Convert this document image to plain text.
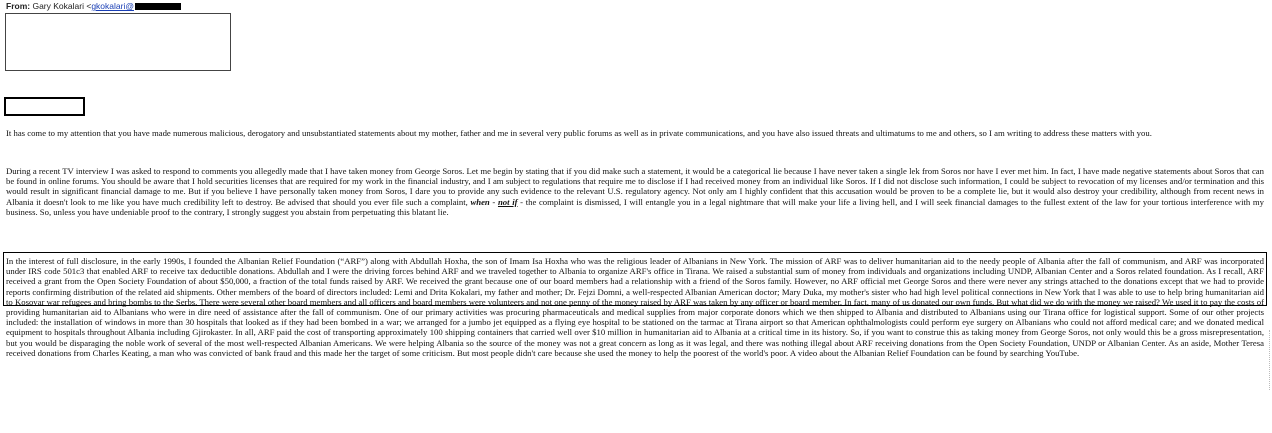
From: Gary Kokalari <gkokalari@

It has come to my attention that you have made numerous malicious, derogatory and unsubstantiated statements about my mother, father and me in several very public forums as well as in private communications, and you have also issued threats and ultimatums to me and others, so I am writing to address these matters with you.

During a recent TV interview I was asked to respond to comments you allegedly made that I have taken money from George Soros. Let me begin by stating that if you did make such a statement, it would be a categorical lie because I have never taken a single lek from Soros nor have I ever met him. In fact, I have made negative statements about Soros that can be found in online forums. You should be aware that I hold securities licenses that are required for my work in the financial industry, and I am subject to regulations that require me to disclose if I had received money from an individual like Soros. If I did not disclose such information, I could be subject to revocation of my licenses and/or termination and this would result in significant financial damage to me. But if you believe I have personally taken money from Soros, I dare you to provide any such evidence to the relevant U.S. regulatory agency. Not only am I highly confident that this accusation would be proven to be a complete lie, but it would also destroy your credibility, although from recent news in Albania it doesn't look to me like you have much credibility left to destroy. Be advised that should you ever file such a complaint, when - not if - the complaint is dismissed, I will entangle you in a legal nightmare that will make your life a living hell, and I will seek financial damages to the fullest extent of the law for your tortious interference with my business. So, unless you have undeniable proof to the contrary, I strongly suggest you abstain from perpetuating this blatant lie.

In the interest of full disclosure, in the early 1990s, I founded the Albanian Relief Foundation (“ARF”) along with Abdullah Hoxha, the son of Imam Isa Hoxha who was the religious leader of Albanians in New York. The mission of ARF was to deliver humanitarian aid to the needy people of Albania after the fall of communism, and ARF was incorporated under IRS code 501c3 that enabled ARF to receive tax deductible donations. Abdullah and I were the driving forces behind ARF and we traveled together to Albania to organize ARF's office in Tirana. We raised a substantial sum of money from individuals and organizations including UNDP, Albanian Center and a Soros related foundation. As I recall, ARF received a grant from the Open Society Foundation of about $50,000, a fraction of the total funds raised by ARF. We received the grant because one of our board members had a relationship with a friend of the Soros family. However, no ARF official met George Soros and there were never any strings attached to the donations except that we had to provide reports confirming distribution of the related aid shipments. Other members of the board of directors included: Lemi and Drita Kokalari, my father and mother; Dr. Fejzi Domni, a well-respected Albanian American doctor; Mary Duka, my mother's sister who had high level political connections in New York that I was able to use to help bring humanitarian aid to Kosovar war refugees and bring bombs to the Serbs. There were several other board members and all officers and board members were volunteers and not one penny of the money raised by ARF was taken by any officer or board member. In fact, many of us donated our own funds. But what did we do with the money we raised? We used it to pay the costs of providing humanitarian aid to Albanians who were in dire need of assistance after the fall of communism. One of our primary activities was procuring pharmaceuticals and medical supplies from major corporate donors which we then shipped to Albania and distributed to Albanians using our Tirana office for logistical support. Some of our other projects included: the installation of windows in more than 30 hospitals that looked as if they had been bombed in a war; we arranged for a jumbo jet equipped as a flying eye hospital to be stationed on the tarmac at Tirana airport so that American ophthalmologists could perform eye surgery on Albanians who could not afford medical care; and we donated medical equipment to hospitals throughout Albania including Gjirokaster. In all, ARF paid the cost of transporting approximately 100 shipping containers that carried well over $10 million in humanitarian aid to Albania at a critical time in its history. So, if you want to construe this as taking money from George Soros, not only would this be a gross misrepresentation, but you would be disparaging the noble work of several of the most well-respected Albanian Americans. We were helping Albania so the source of the money was not a great concern as long as it was legal, and there was nothing illegal about ARF receiving donations from the Open Society Foundation, UNDP or Albanian Center. As an aside, Mother Teresa received donations from Charles Keating, a man who was convicted of bank fraud and this made her the target of some criticism. But most people didn't care because she used the money to help the poorest of the world's poor. A video about the Albanian Relief Foundation can be found by searching YouTube.
